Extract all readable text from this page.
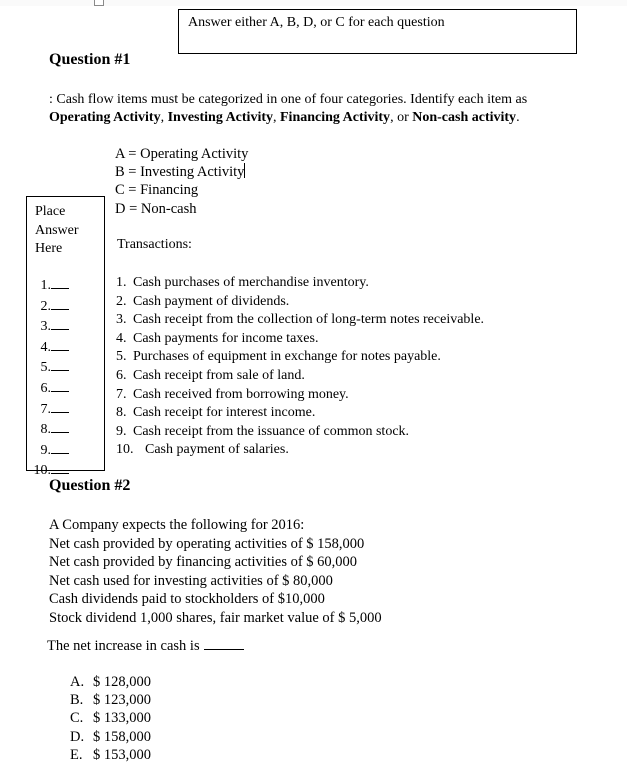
Answer either A, B, D, or C for each question
Question #1
: Cash flow items must be categorized in one of four categories. Identify each item as
Operating Activity, Investing Activity, Financing Activity, or Non-cash activity.
A = Operating Activity
B = Investing Activity
C = Financing
D = Non-cash
Place
Answer
Here
1.
2.
3.
4.
5.
6.
7.
8.
9.
10.
Transactions:
1. Cash purchases of merchandise inventory.
2. Cash payment of dividends.
3. Cash receipt from the collection of long-term notes receivable.
4. Cash payments for income taxes.
5. Purchases of equipment in exchange for notes payable.
6. Cash receipt from sale of land.
7. Cash received from borrowing money.
8. Cash receipt for interest income.
9. Cash receipt from the issuance of common stock.
10. Cash payment of salaries.
Question #2
A Company expects the following for 2016:
Net cash provided by operating activities of $ 158,000
Net cash provided by financing activities of $ 60,000
Net cash used for investing activities of $ 80,000
Cash dividends paid to stockholders of $10,000
Stock dividend 1,000 shares, fair market value of $ 5,000
The net increase in cash is
A. $ 128,000
B. $ 123,000
C. $ 133,000
D. $ 158,000
E. $ 153,000
